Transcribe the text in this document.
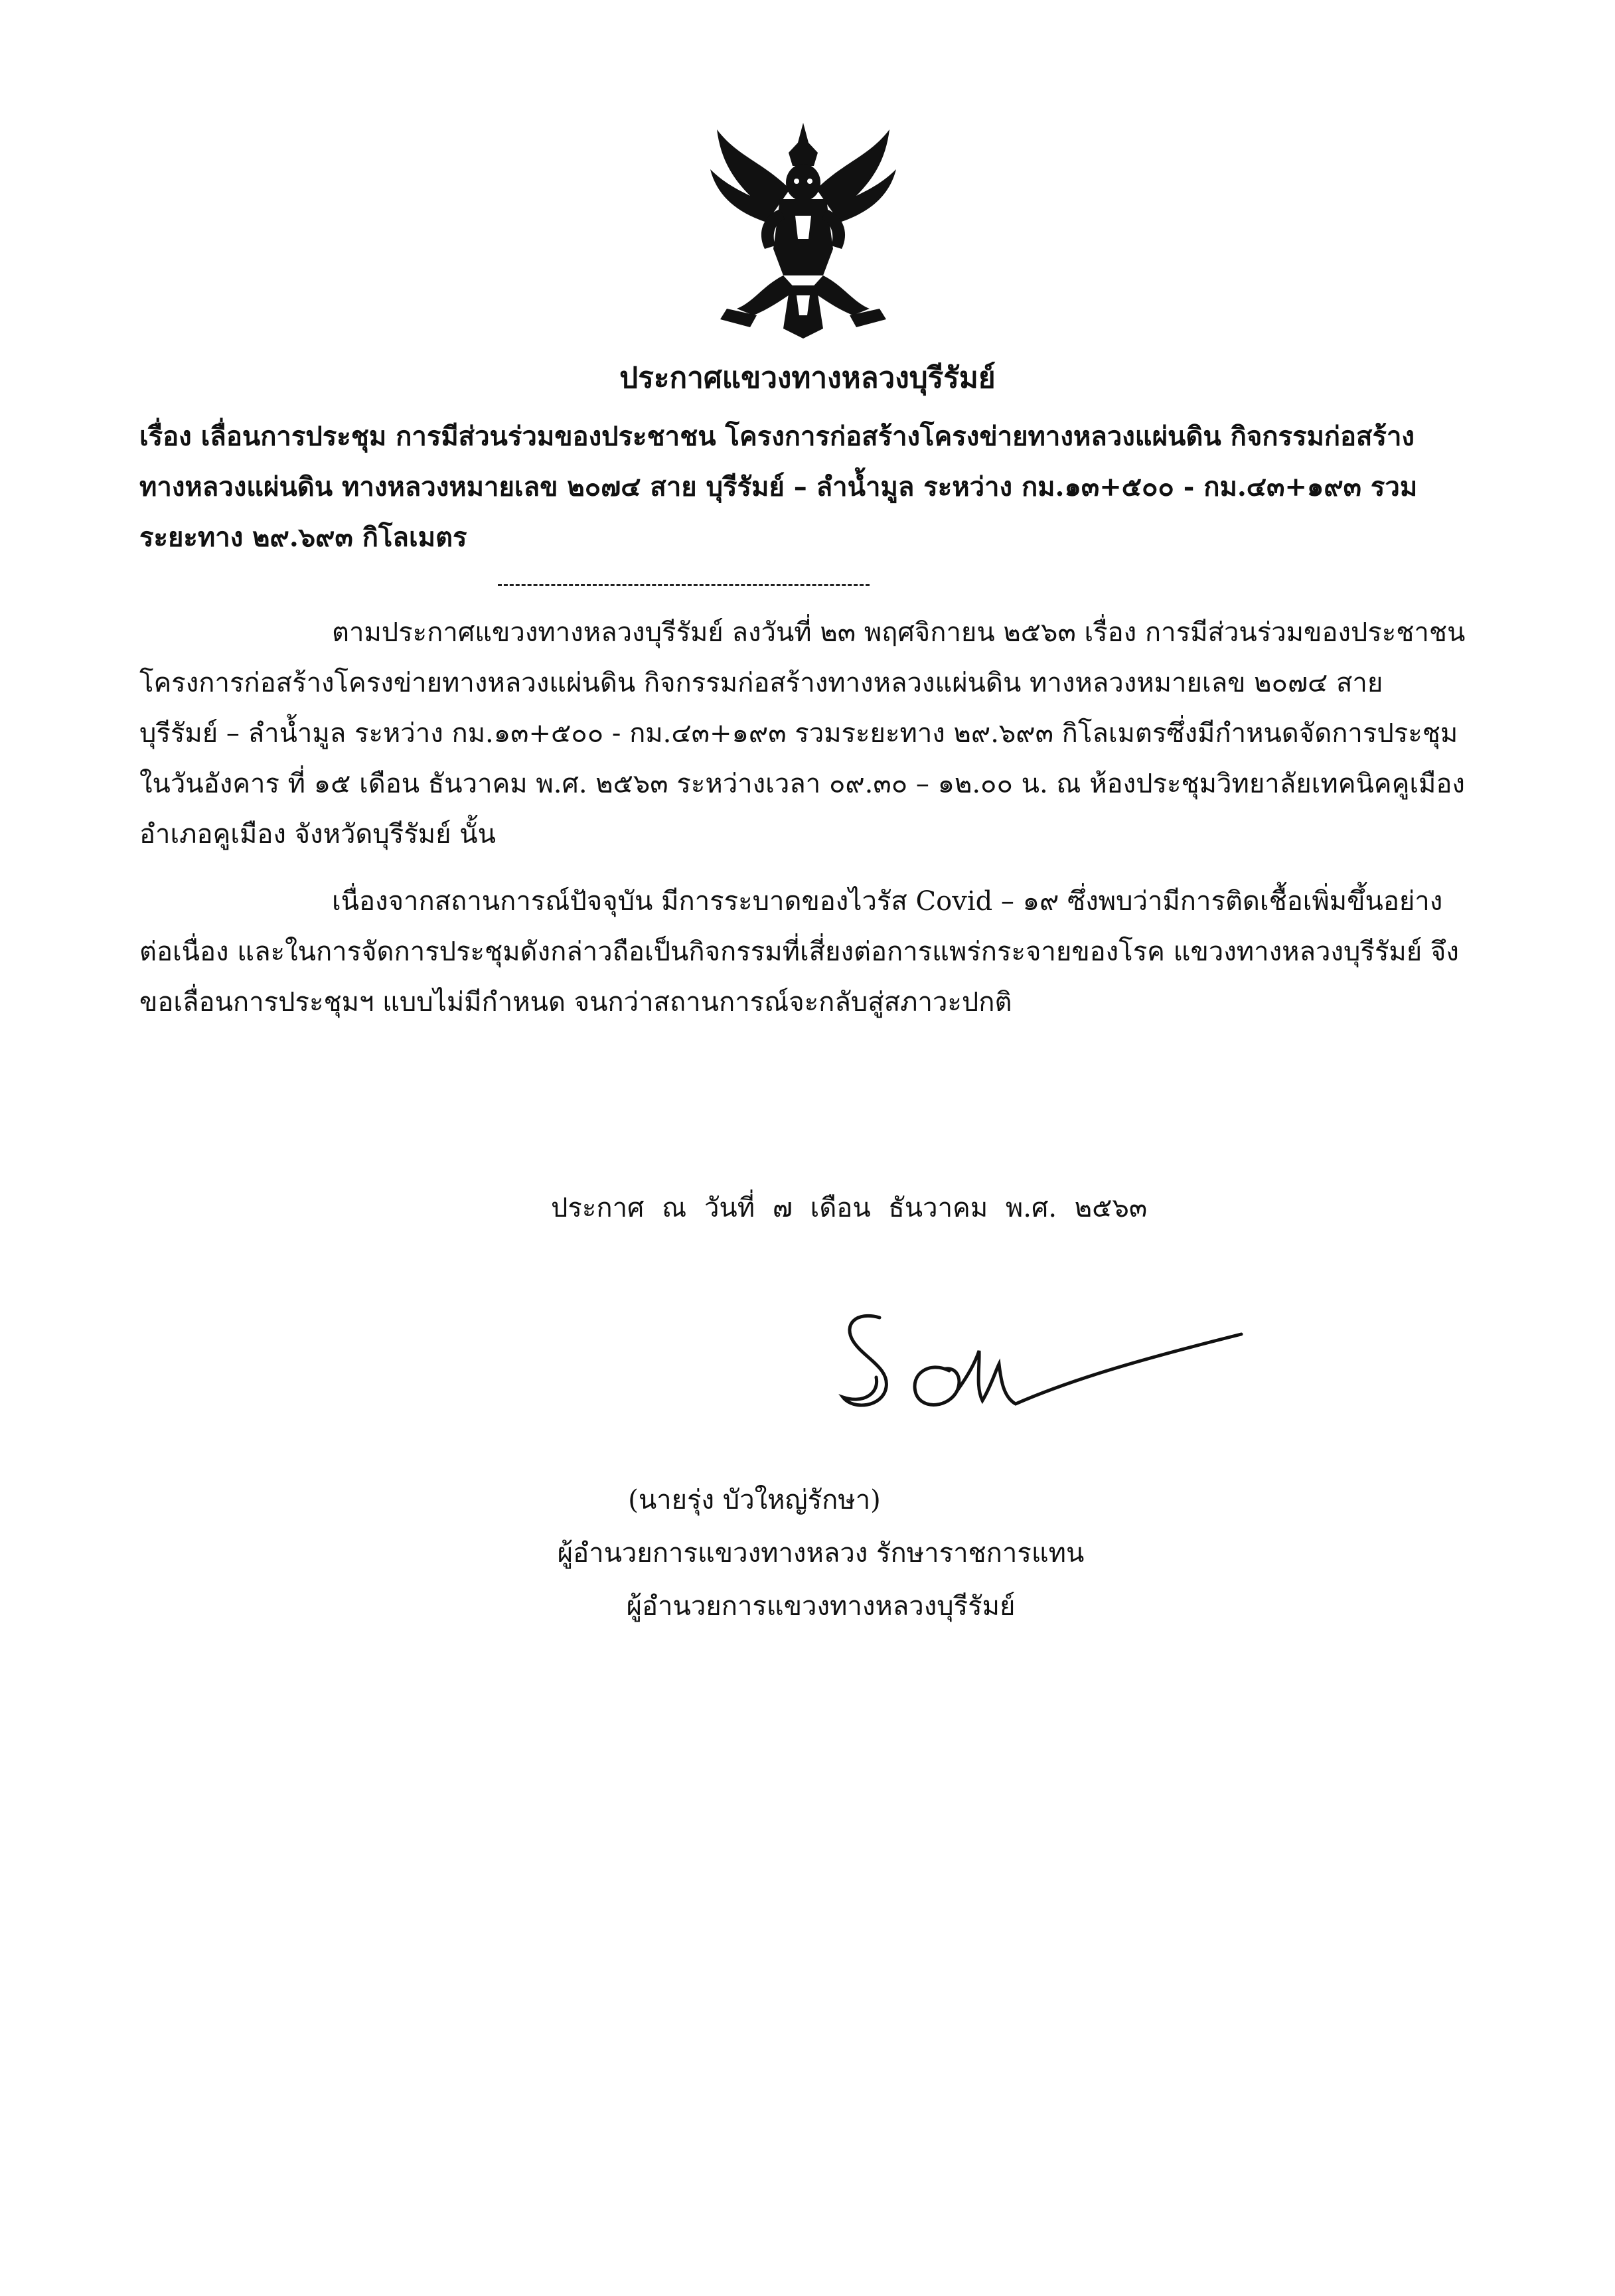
ประกาศแขวงทางหลวงบุรีรัมย์
เรื่อง เลื่อนการประชุม การมีส่วนร่วมของประชาชน โครงการก่อสร้างโครงข่ายทางหลวงแผ่นดิน กิจกรรมก่อสร้างทางหลวงแผ่นดิน ทางหลวงหมายเลข ๒๐๗๔ สาย บุรีรัมย์ – ลำน้ำมูล ระหว่าง กม.๑๓+๕๐๐ - กม.๔๓+๑๙๓ รวมระยะทาง ๒๙.๖๙๓ กิโลเมตร
ตามประกาศแขวงทางหลวงบุรีรัมย์ ลงวันที่ ๒๓ พฤศจิกายน ๒๕๖๓ เรื่อง การมีส่วนร่วมของประชาชน โครงการก่อสร้างโครงข่ายทางหลวงแผ่นดิน กิจกรรมก่อสร้างทางหลวงแผ่นดิน ทางหลวงหมายเลข ๒๐๗๔ สาย บุรีรัมย์ – ลำน้ำมูล ระหว่าง กม.๑๓+๕๐๐ - กม.๔๓+๑๙๓ รวมระยะทาง ๒๙.๖๙๓ กิโลเมตรซึ่งมีกำหนดจัดการประชุม ในวันอังคาร ที่ ๑๕ เดือน ธันวาคม พ.ศ. ๒๕๖๓ ระหว่างเวลา ๐๙.๓๐ – ๑๒.๐๐ น. ณ ห้องประชุมวิทยาลัยเทคนิคคูเมือง อำเภอคูเมือง จังหวัดบุรีรัมย์ นั้น
เนื่องจากสถานการณ์ปัจจุบัน มีการระบาดของไวรัส Covid – ๑๙ ซึ่งพบว่ามีการติดเชื้อเพิ่มขึ้นอย่างต่อเนื่อง และในการจัดการประชุมดังกล่าวถือเป็นกิจกรรมที่เสี่ยงต่อการแพร่กระจายของโรค แขวงทางหลวงบุรีรัมย์ จึงขอเลื่อนการประชุมฯ แบบไม่มีกำหนด จนกว่าสถานการณ์จะกลับสู่สภาวะปกติ
ประกาศ ณ วันที่ ๗ เดือน ธันวาคม พ.ศ. ๒๕๖๓
(นายรุ่ง บัวใหญ่รักษา)
ผู้อำนวยการแขวงทางหลวง รักษาราชการแทน
ผู้อำนวยการแขวงทางหลวงบุรีรัมย์
